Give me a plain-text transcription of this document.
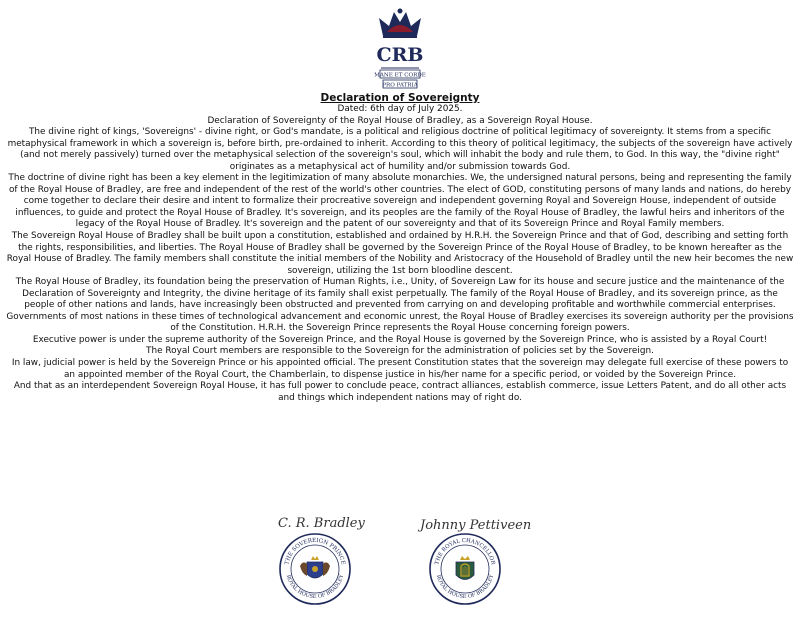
CRB
MANE ET CORDE
PRO PATRIA
Declaration of Sovereignty

Dated: 6th day of July 2025.

Declaration of Sovereignty of the Royal House of Bradley, as a Sovereign Royal House.

The divine right of kings, 'Sovereigns' - divine right, or God's mandate, is a political and religious doctrine of political legitimacy of sovereignty. It stems from a specific metaphysical framework in which a sovereign is, before birth, pre-ordained to inherit. According to this theory of political legitimacy, the subjects of the sovereign have actively (and not merely passively) turned over the metaphysical selection of the sovereign's soul, which will inhabit the body and rule them, to God. In this way, the "divine right" originates as a metaphysical act of humility and/or submission towards God.

The doctrine of divine right has been a key element in the legitimization of many absolute monarchies. We, the undersigned natural persons, being and representing the family of the Royal House of Bradley, are free and independent of the rest of the world's other countries. The elect of GOD, constituting persons of many lands and nations, do hereby come together to declare their desire and intent to formalize their procreative sovereign and independent governing Royal and Sovereign House, independent of outside influences, to guide and protect the Royal House of Bradley. It's sovereign, and its peoples are the family of the Royal House of Bradley, the lawful heirs and inheritors of the legacy of the Royal House of Bradley. It's sovereign and the patent of our sovereignty and that of its Sovereign Prince and Royal Family members.

The Sovereign Royal House of Bradley shall be built upon a constitution, established and ordained by H.R.H. the Sovereign Prince and that of God, describing and setting forth the rights, responsibilities, and liberties. The Royal House of Bradley shall be governed by the Sovereign Prince of the Royal House of Bradley, to be known hereafter as the Royal House of Bradley. The family members shall constitute the initial members of the Nobility and Aristocracy of the Household of Bradley until the new heir becomes the new sovereign, utilizing the 1st born bloodline descent.

The Royal House of Bradley, its foundation being the preservation of Human Rights, i.e., Unity, of Sovereign Law for its house and secure justice and the maintenance of the Declaration of Sovereignty and Integrity, the divine heritage of its family shall exist perpetually. The family of the Royal House of Bradley, and its sovereign prince, as the people of other nations and lands, have increasingly been obstructed and prevented from carrying on and developing profitable and worthwhile commercial enterprises.

Governments of most nations in these times of technological advancement and economic unrest, the Royal House of Bradley exercises its sovereign authority per the provisions of the Constitution. H.R.H. the Sovereign Prince represents the Royal House concerning foreign powers.

Executive power is under the supreme authority of the Sovereign Prince, and the Royal House is governed by the Sovereign Prince, who is assisted by a Royal Court!

The Royal Court members are responsible to the Sovereign for the administration of policies set by the Sovereign.

In law, judicial power is held by the Sovereign Prince or his appointed official. The present Constitution states that the sovereign may delegate full exercise of these powers to an appointed member of the Royal Court, the Chamberlain, to dispense justice in his/her name for a specific period, or voided by the Sovereign Prince.

And that as an interdependent Sovereign Royal House, it has full power to conclude peace, contract alliances, establish commerce, issue Letters Patent, and do all other acts and things which independent nations may of right do.

C. R. Bradley
THE SOVEREIGN PRINCE
ROYAL HOUSE OF BRADLEY
Johnny Pettiveen
THE ROYAL CHANCELLOR
ROYAL HOUSE OF BRADLEY
